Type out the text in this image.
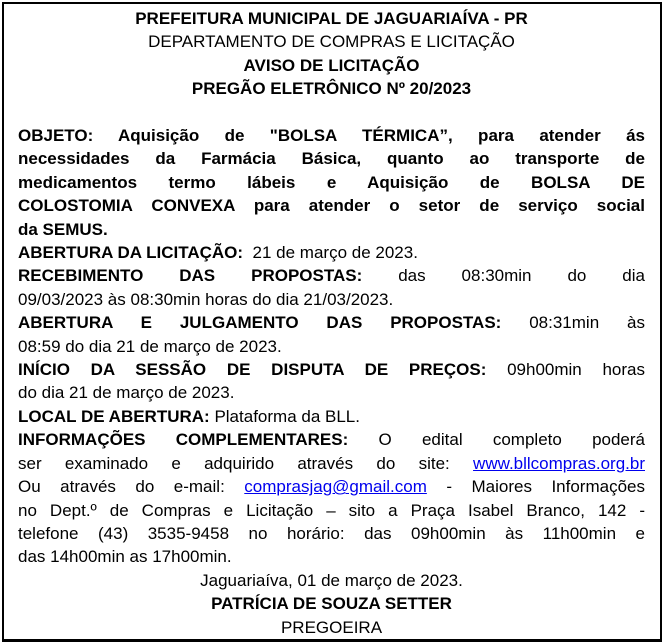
PREFEITURA MUNICIPAL DE JAGUARIAÍVA - PR
DEPARTAMENTO DE COMPRAS E LICITAÇÃO
AVISO DE LICITAÇÃO
PREGÃO ELETRÔNICO Nº 20/2023
OBJETO: Aquisição de "BOLSA TÉRMICA”, para atender ás
necessidades da Farmácia Básica, quanto ao transporte de
medicamentos termo lábeis e Aquisição de BOLSA DE
COLOSTOMIA CONVEXA para atender o setor de serviço social
da SEMUS.
ABERTURA DA LICITAÇÃO:  21 de março de 2023.
RECEBIMENTO DAS PROPOSTAS: das 08:30min do dia
09/03/2023 às 08:30min horas do dia 21/03/2023.
ABERTURA E JULGAMENTO DAS PROPOSTAS: 08:31min às
08:59 do dia 21 de março de 2023.
INÍCIO DA SESSÃO DE DISPUTA DE PREÇOS: 09h00min horas
do dia 21 de março de 2023.
LOCAL DE ABERTURA: Plataforma da BLL.
INFORMAÇÕES COMPLEMENTARES: O edital completo poderá
ser examinado e adquirido através do site: www.bllcompras.org.br
Ou através do e-mail: comprasjag@gmail.com - Maiores Informações
no Dept.º de Compras e Licitação – sito a Praça Isabel Branco, 142 -
telefone (43) 3535-9458 no horário: das 09h00min às 11h00min e
das 14h00min as 17h00min.
Jaguariaíva, 01 de março de 2023.
PATRÍCIA DE SOUZA SETTER
PREGOEIRA
